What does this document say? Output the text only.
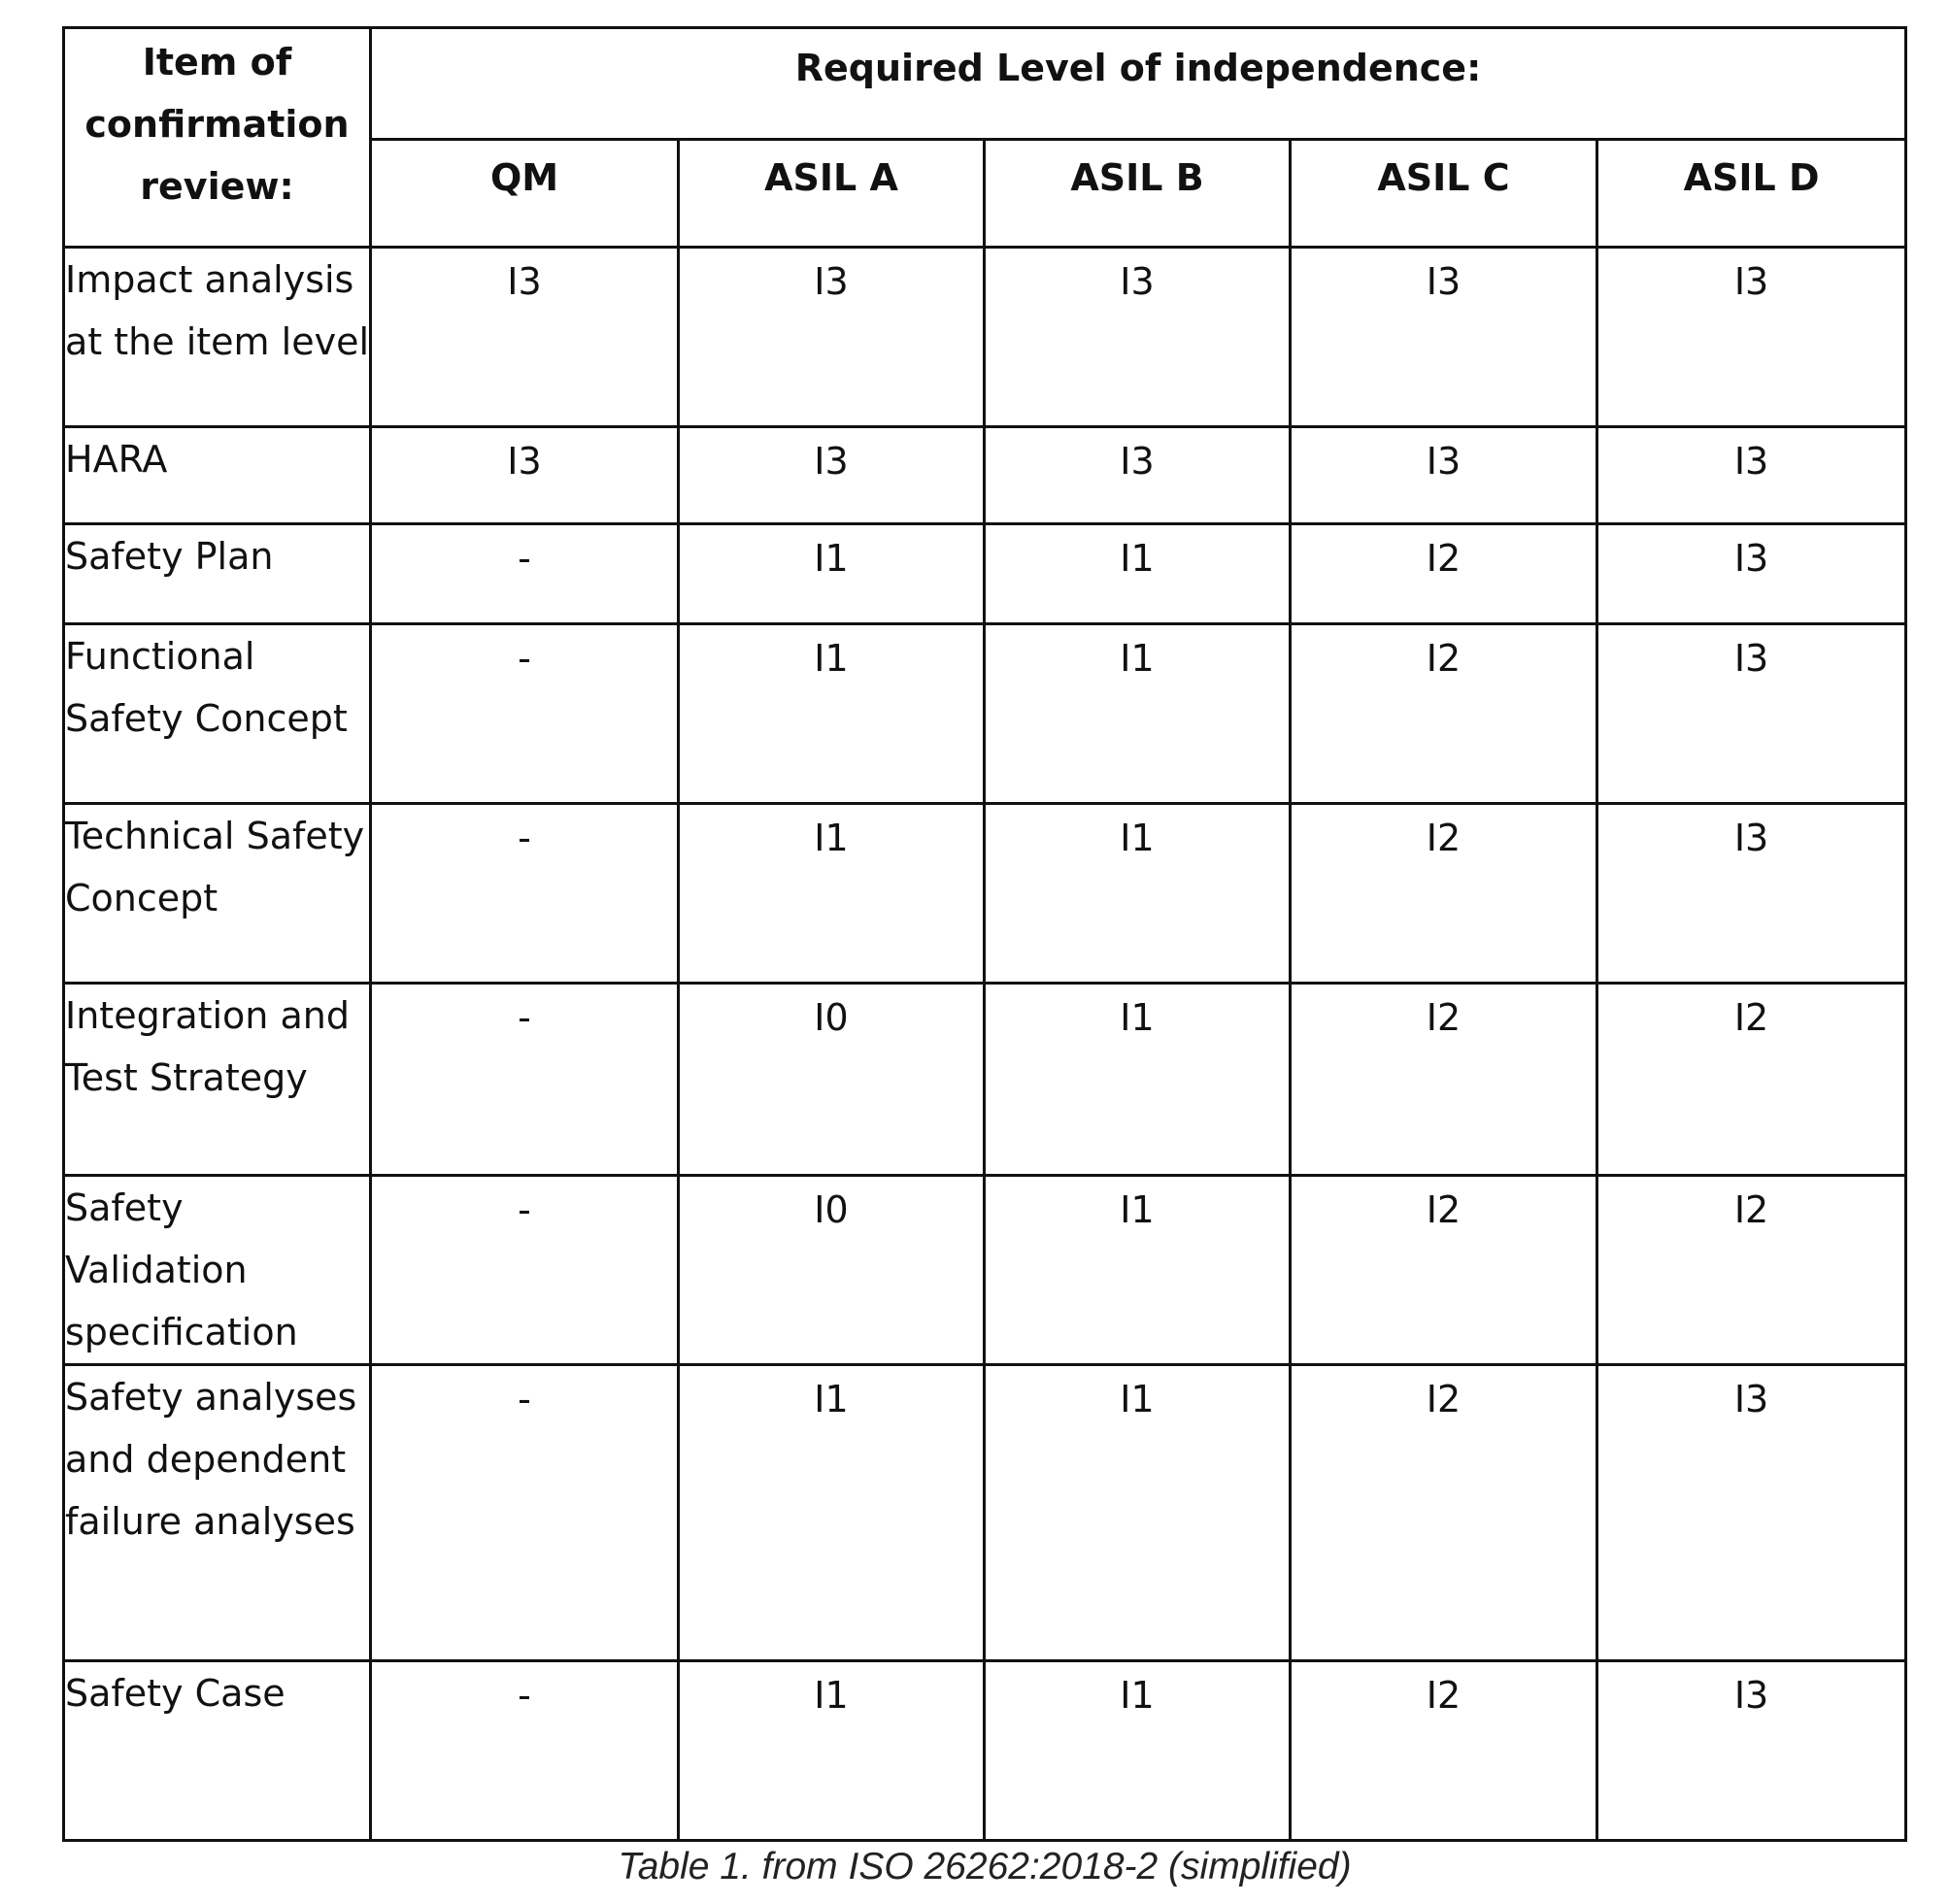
Item of confirmation review:	Required Level of independence:				
	QM	ASIL A	ASIL B	ASIL C	ASIL D
Impact analysis at the item level	I3	I3	I3	I3	I3
HARA	I3	I3	I3	I3	I3
Safety Plan	-	I1	I1	I2	I3
Functional Safety Concept	-	I1	I1	I2	I3
Technical Safety Concept	-	I1	I1	I2	I3
Integration and Test Strategy	-	I0	I1	I2	I2
Safety Validation specification	-	I0	I1	I2	I2
Safety analyses and dependent failure analyses	-	I1	I1	I2	I3
Safety Case	-	I1	I1	I2	I3
Table 1. from ISO 26262:2018-2 (simplified)
